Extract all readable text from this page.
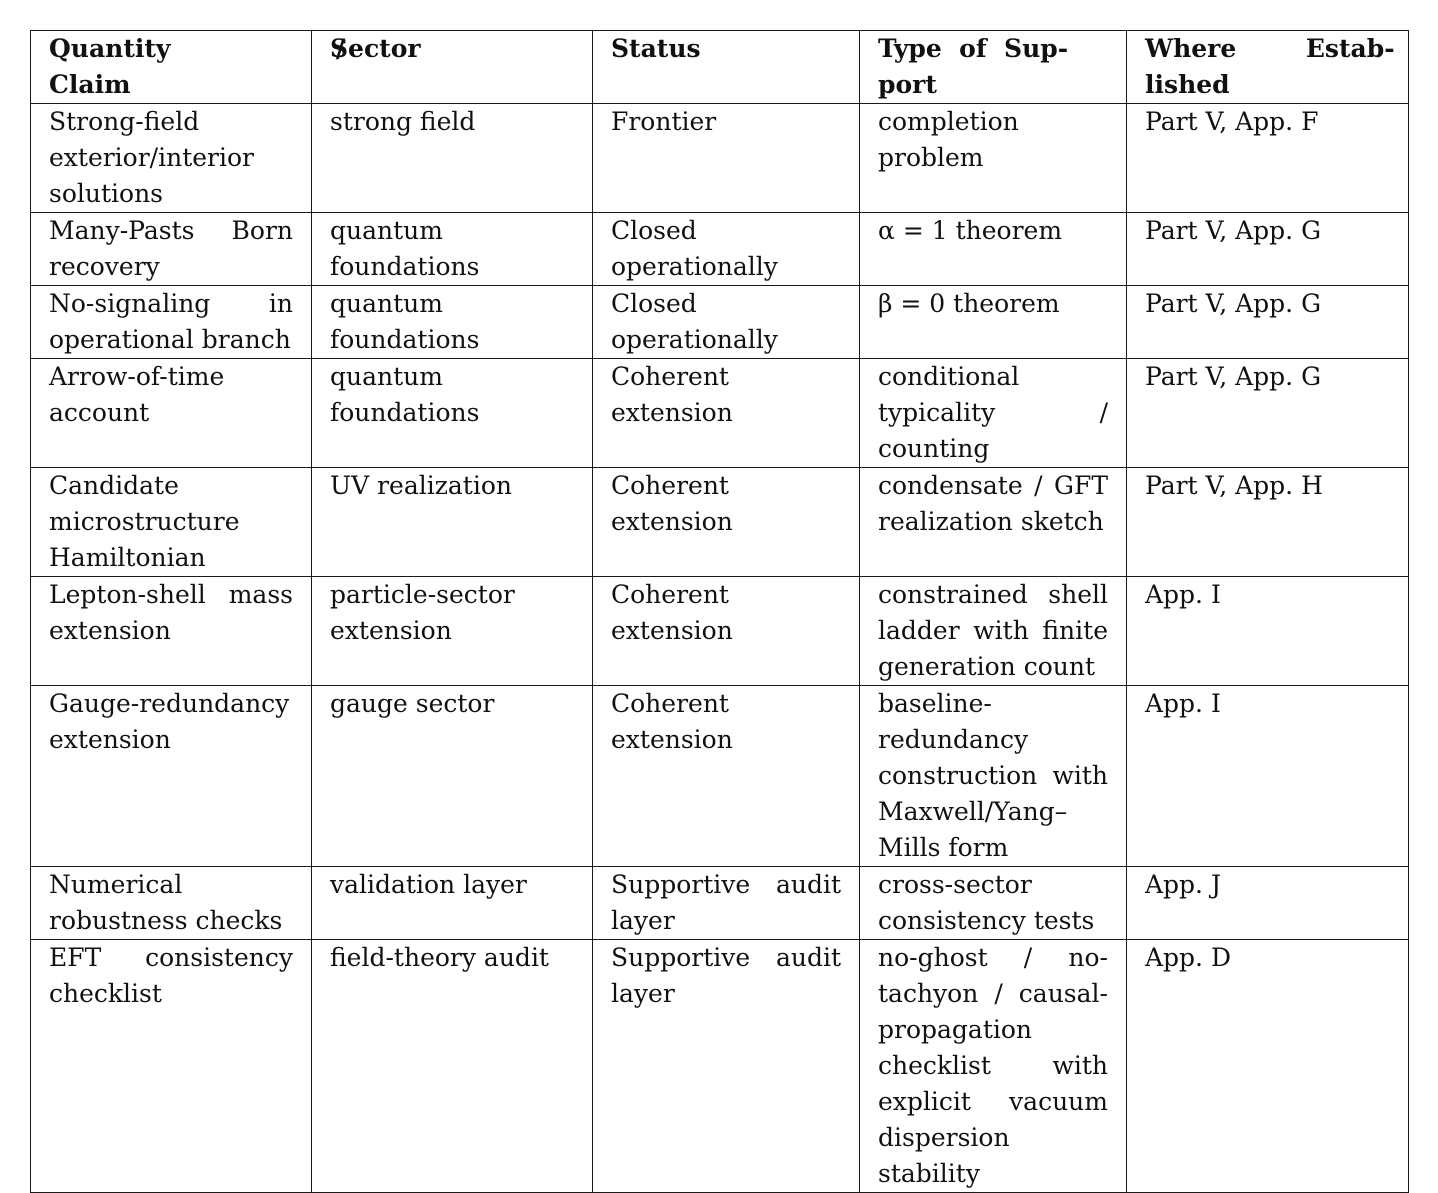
Quantity                   / Claim	Sector	Status	Type  of  Support	Where        Established
Strong-field exterior/interior solutions	strong field	Frontier	completion problem	Part V, App. F
Many-Pasts Born recovery	quantum foundations	Closed operationally	α = 1 theorem	Part V, App. G
No-signaling in operational branch	quantum foundations	Closed operationally	β = 0 theorem	Part V, App. G
Arrow-of-time account	quantum foundations	Coherent extension	conditional typicality / counting	Part V, App. G
Candidate microstructure Hamiltonian	UV realization	Coherent extension	condensate / GFT realization sketch	Part V, App. H
Lepton-shell mass extension	particle-sector extension	Coherent extension	constrained shell ladder with finite generation count	App. I
Gauge-redundancy extension	gauge sector	Coherent extension	baseline-redundancy construction with Maxwell/Yang–Mills form	App. I
Numerical robustness checks	validation layer	Supportive audit layer	cross-sector consistency tests	App. J
EFT consistency checklist	field-theory audit	Supportive audit layer	no-ghost / no-tachyon / causal-propagation checklist with explicit vacuum dispersion stability	App. D
